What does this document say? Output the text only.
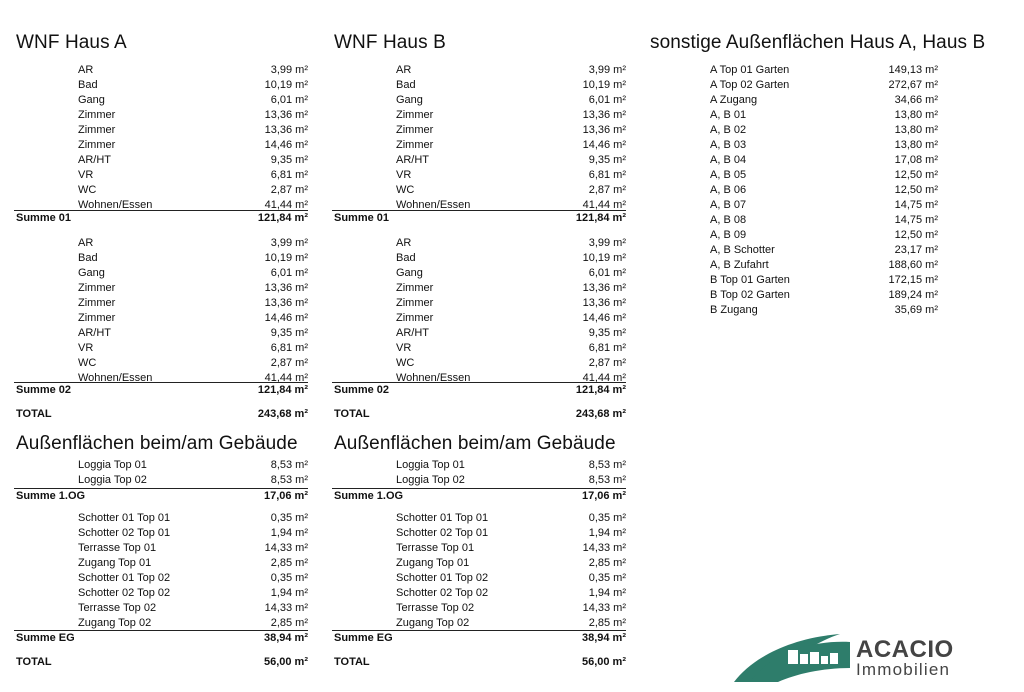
WNF Haus A
AR	3,99 m²
Bad	10,19 m²
Gang	6,01 m²
Zimmer	13,36 m²
Zimmer	13,36 m²
Zimmer	14,46 m²
AR/HT	9,35 m²
VR	6,81 m²
WC	2,87 m²
Wohnen/Essen	41,44 m²
Summe 01	121,84 m²
AR	3,99 m²
Bad	10,19 m²
Gang	6,01 m²
Zimmer	13,36 m²
Zimmer	13,36 m²
Zimmer	14,46 m²
AR/HT	9,35 m²
VR	6,81 m²
WC	2,87 m²
Wohnen/Essen	41,44 m²
Summe 02	121,84 m²
TOTAL	243,68 m²
Außenflächen beim/am Gebäude
Loggia Top 01	8,53 m²
Loggia Top 02	8,53 m²
Summe 1.OG	17,06 m²
Schotter 01 Top 01	0,35 m²
Schotter 02 Top 01	1,94 m²
Terrasse Top 01	14,33 m²
Zugang Top 01	2,85 m²
Schotter 01 Top 02	0,35 m²
Schotter 02 Top 02	1,94 m²
Terrasse Top 02	14,33 m²
Zugang Top 02	2,85 m²
Summe EG	38,94 m²
TOTAL	56,00 m²
WNF Haus B
AR	3,99 m²
Bad	10,19 m²
Gang	6,01 m²
Zimmer	13,36 m²
Zimmer	13,36 m²
Zimmer	14,46 m²
AR/HT	9,35 m²
VR	6,81 m²
WC	2,87 m²
Wohnen/Essen	41,44 m²
Summe 01	121,84 m²
AR	3,99 m²
Bad	10,19 m²
Gang	6,01 m²
Zimmer	13,36 m²
Zimmer	13,36 m²
Zimmer	14,46 m²
AR/HT	9,35 m²
VR	6,81 m²
WC	2,87 m²
Wohnen/Essen	41,44 m²
Summe 02	121,84 m²
TOTAL	243,68 m²
Außenflächen beim/am Gebäude
Loggia Top 01	8,53 m²
Loggia Top 02	8,53 m²
Summe 1.OG	17,06 m²
Schotter 01 Top 01	0,35 m²
Schotter 02 Top 01	1,94 m²
Terrasse Top 01	14,33 m²
Zugang Top 01	2,85 m²
Schotter 01 Top 02	0,35 m²
Schotter 02 Top 02	1,94 m²
Terrasse Top 02	14,33 m²
Zugang Top 02	2,85 m²
Summe EG	38,94 m²
TOTAL	56,00 m²
sonstige Außenflächen Haus A, Haus B
A Top 01 Garten	149,13 m²
A Top 02 Garten	272,67 m²
A Zugang	34,66 m²
A, B 01	13,80 m²
A, B 02	13,80 m²
A, B 03	13,80 m²
A, B 04	17,08 m²
A, B 05	12,50 m²
A, B 06	12,50 m²
A, B 07	14,75 m²
A, B 08	14,75 m²
A, B 09	12,50 m²
A, B Schotter	23,17 m²
A, B Zufahrt	188,60 m²
B Top 01 Garten	172,15 m²
B Top 02 Garten	189,24 m²
B Zugang	35,69 m²
ACACIO
Immobilien
